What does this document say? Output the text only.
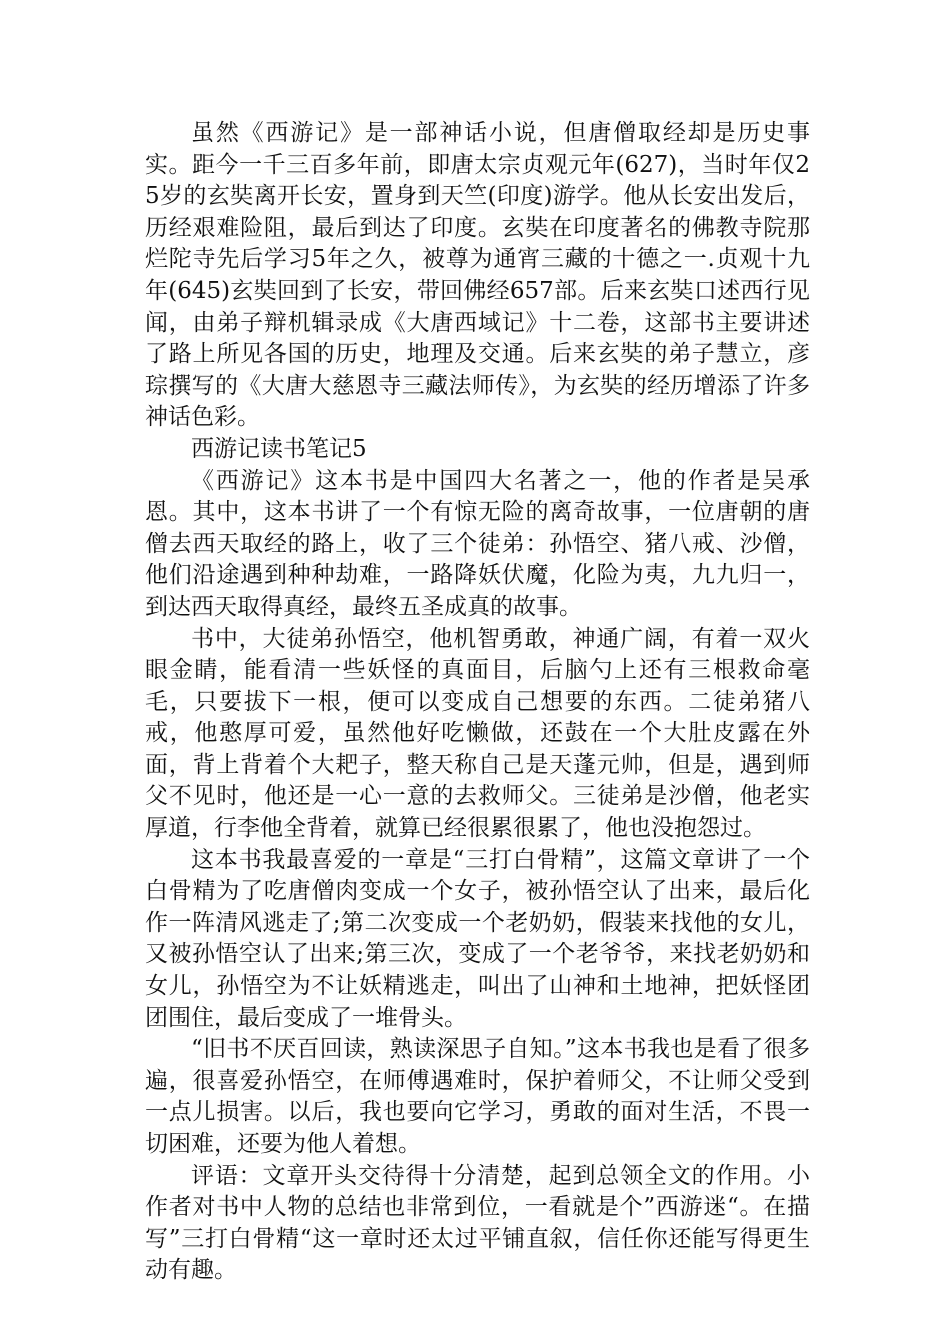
虽然《西游记》是一部神话小说，但唐僧取经却是历史事实。距今一千三百多年前，即唐太宗贞观元年(627)，当时年仅25岁的玄奘离开长安，置身到天竺(印度)游学。他从长安出发后，历经艰难险阻，最后到达了印度。玄奘在印度著名的佛教寺院那烂陀寺先后学习5年之久，被尊为通宵三藏的十德之一.贞观十九年(645)玄奘回到了长安，带回佛经657部。后来玄奘口述西行见闻，由弟子辩机辑录成《大唐西域记》十二卷，这部书主要讲述了路上所见各国的历史，地理及交通。后来玄奘的弟子慧立，彦琮撰写的《大唐大慈恩寺三藏法师传》，为玄奘的经历增添了许多神话色彩。

西游记读书笔记5

《西游记》这本书是中国四大名著之一，他的作者是吴承恩。其中，这本书讲了一个有惊无险的离奇故事，一位唐朝的唐僧去西天取经的路上，收了三个徒弟：孙悟空、猪八戒、沙僧，他们沿途遇到种种劫难，一路降妖伏魔，化险为夷，九九归一，到达西天取得真经，最终五圣成真的故事。

书中，大徒弟孙悟空，他机智勇敢，神通广阔，有着一双火眼金睛，能看清一些妖怪的真面目，后脑勺上还有三根救命毫毛，只要拔下一根，便可以变成自己想要的东西。二徒弟猪八戒，他憨厚可爱，虽然他好吃懒做，还鼓在一个大肚皮露在外面，背上背着个大耙子，整天称自己是天蓬元帅，但是，遇到师父不见时，他还是一心一意的去救师父。三徒弟是沙僧，他老实厚道，行李他全背着，就算已经很累很累了，他也没抱怨过。

这本书我最喜爱的一章是“三打白骨精”，这篇文章讲了一个白骨精为了吃唐僧肉变成一个女子，被孙悟空认了出来，最后化作一阵清风逃走了;第二次变成一个老奶奶，假装来找他的女儿，又被孙悟空认了出来;第三次，变成了一个老爷爷，来找老奶奶和女儿，孙悟空为不让妖精逃走，叫出了山神和土地神，把妖怪团团围住，最后变成了一堆骨头。

“旧书不厌百回读，熟读深思子自知。”这本书我也是看了很多遍，很喜爱孙悟空，在师傅遇难时，保护着师父，不让师父受到一点儿损害。以后，我也要向它学习，勇敢的面对生活，不畏一切困难，还要为他人着想。

评语：文章开头交待得十分清楚，起到总领全文的作用。小作者对书中人物的总结也非常到位，一看就是个”西游迷“。在描写”三打白骨精“这一章时还太过平铺直叙，信任你还能写得更生动有趣。
